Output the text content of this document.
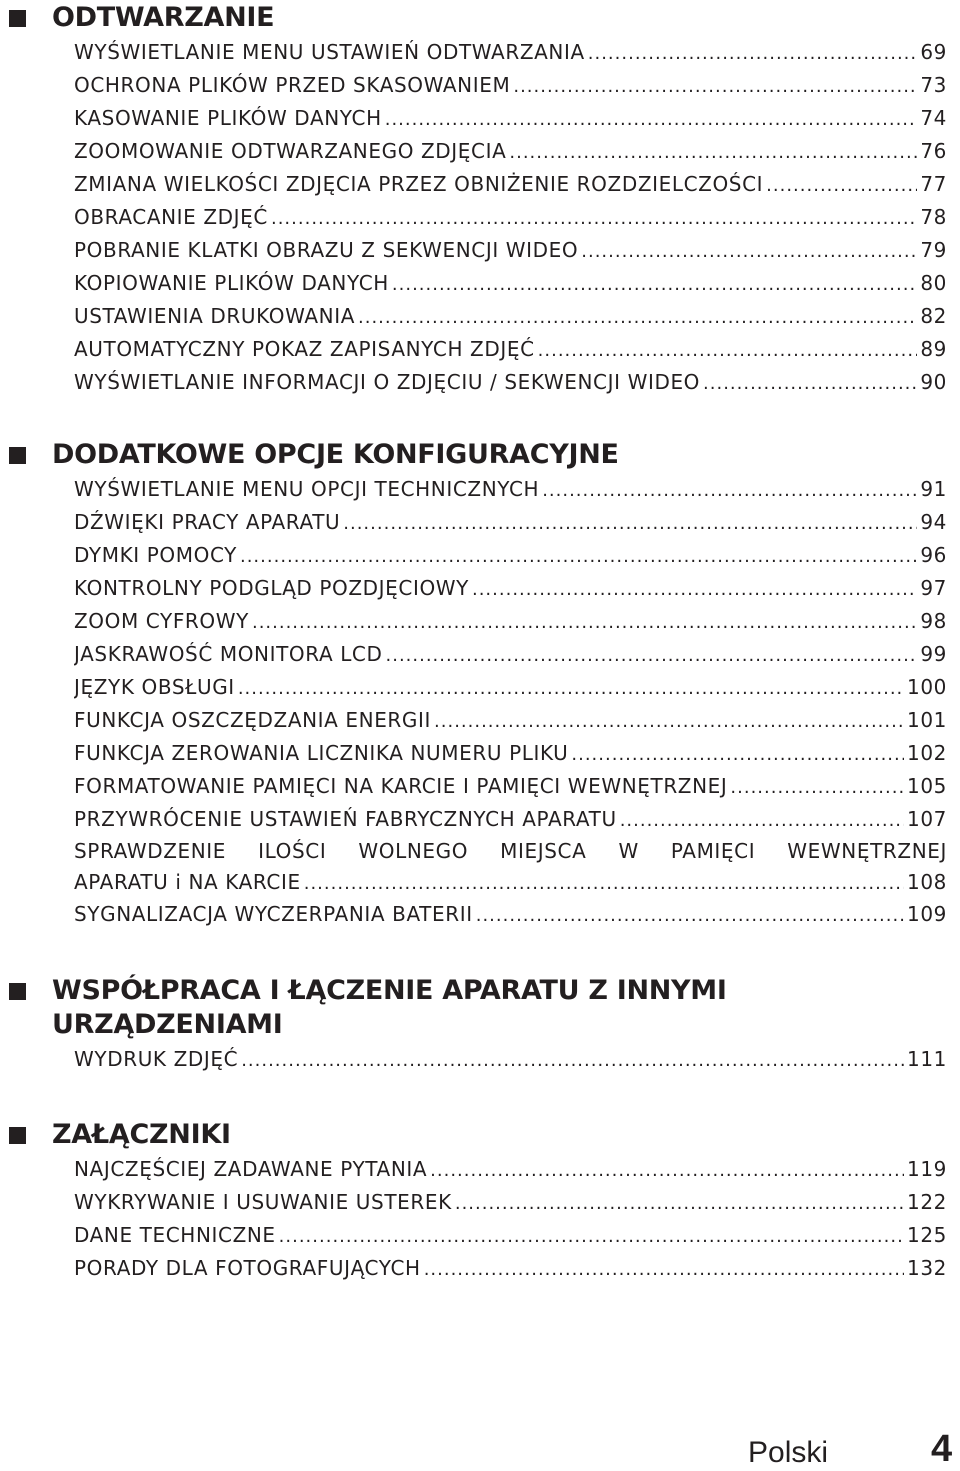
ODTWARZANIE
WYŚWIETLANIE MENU USTAWIEŃ ODTWARZANIA .....	69
OCHRONA PLIKÓW PRZED SKASOWANIEM .....	73
KASOWANIE PLIKÓW DANYCH .....	74
ZOOMOWANIE ODTWARZANEGO ZDJĘCIA .....	76
ZMIANA WIELKOŚCI ZDJĘCIA PRZEZ OBNIŻENIE ROZDZIELCZOŚCI .....	77
OBRACANIE ZDJĘĆ .....	78
POBRANIE KLATKI OBRAZU Z SEKWENCJI WIDEO .....	79
KOPIOWANIE PLIKÓW DANYCH .....	80
USTAWIENIA DRUKOWANIA .....	82
AUTOMATYCZNY POKAZ ZAPISANYCH ZDJĘĆ .....	89
WYŚWIETLANIE INFORMACJI O ZDJĘCIU / SEKWENCJI WIDEO .....	90
DODATKOWE OPCJE KONFIGURACYJNE
WYŚWIETLANIE MENU OPCJI TECHNICZNYCH .....	91
DŹWIĘKI PRACY APARATU .....	94
DYMKI POMOCY .....	96
KONTROLNY PODGLĄD POZDJĘCIOWY .....	97
ZOOM CYFROWY .....	98
JASKRAWOŚĆ MONITORA LCD .....	99
JĘZYK OBSŁUGI .....	100
FUNKCJA OSZCZĘDZANIA ENERGII .....	101
FUNKCJA ZEROWANIA LICZNIKA NUMERU PLIKU .....	102
FORMATOWANIE PAMIĘCI NA KARCIE I PAMIĘCI WEWNĘTRZNEJ .....	105
PRZYWRÓCENIE USTAWIEŃ FABRYCZNYCH APARATU .....	107
SPRAWDZENIE ILOŚCI WOLNEGO MIEJSCA W PAMIĘCI WEWNĘTRZNEJ
APARATU i NA KARCIE .....	108
SYGNALIZACJA WYCZERPANIA BATERII .....	109
WSPÓŁPRACA I ŁĄCZENIE APARATU Z INNYMI URZĄDZENIAMI
WYDRUK ZDJĘĆ .....	111
ZAŁĄCZNIKI
NAJCZĘŚCIEJ ZADAWANE PYTANIA .....	119
WYKRYWANIE I USUWANIE USTEREK .....	122
DANE TECHNICZNE .....	125
PORADY DLA FOTOGRAFUJĄCYCH .....	132
Polski	4
